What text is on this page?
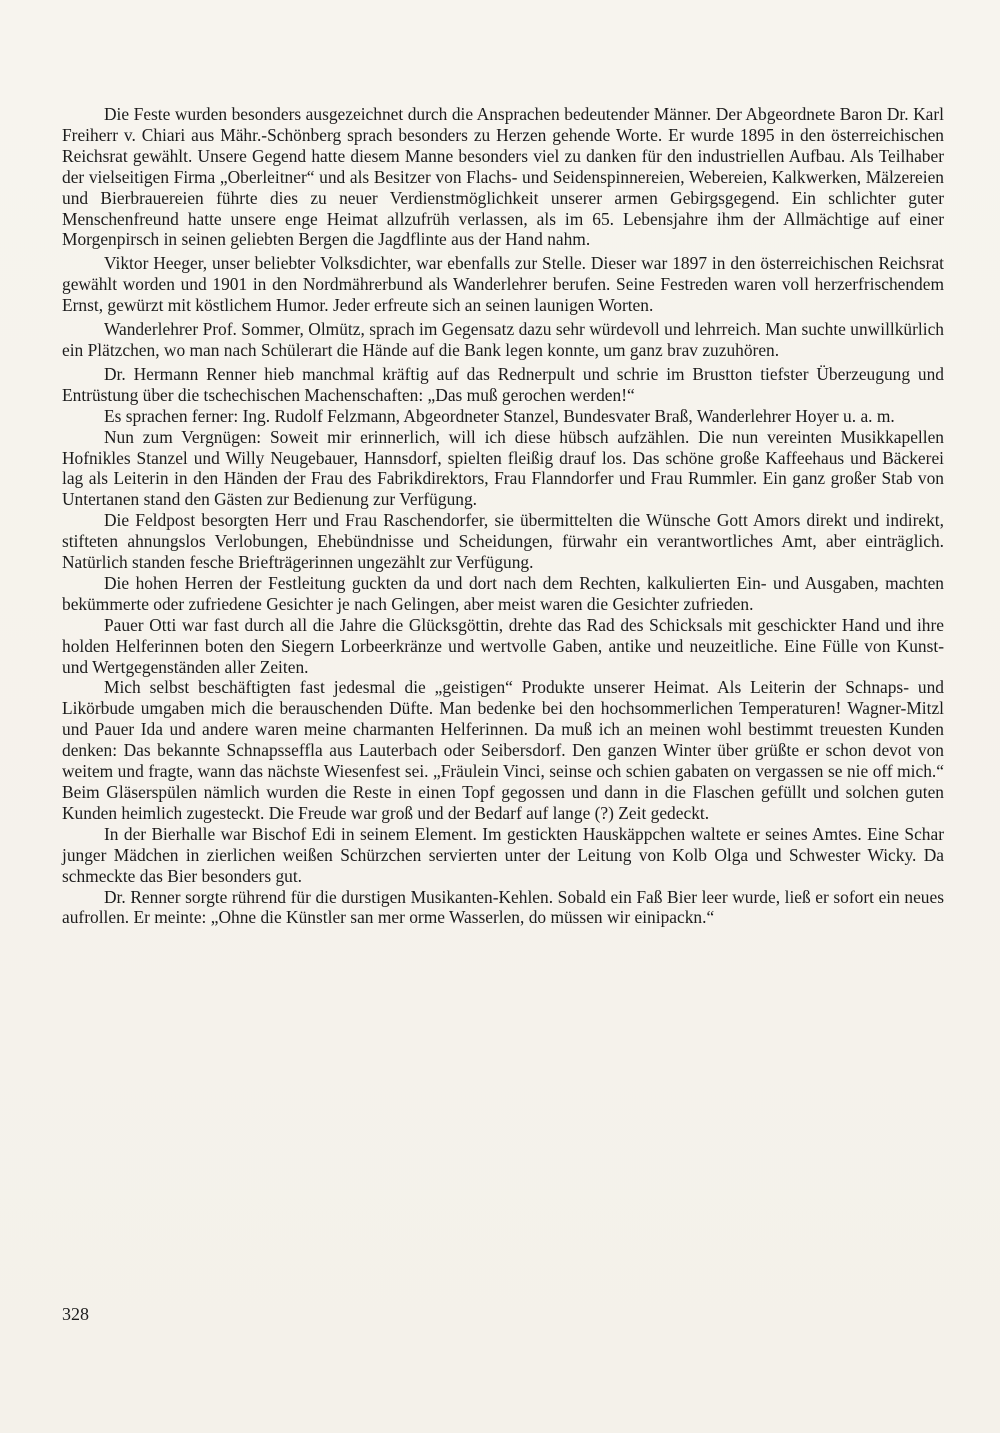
Die Feste wurden besonders ausgezeichnet durch die Ansprachen bedeutender Männer. Der Abgeordnete Baron Dr. Karl Freiherr v. Chiari aus Mähr.-Schönberg sprach besonders zu Herzen gehende Worte. Er wurde 1895 in den österreichischen Reichsrat gewählt. Unsere Gegend hatte diesem Manne besonders viel zu danken für den industriellen Aufbau. Als Teilhaber der vielseitigen Firma „Oberleitner“ und als Besitzer von Flachs- und Seidenspinnereien, Webereien, Kalkwerken, Mälzereien und Bierbrauereien führte dies zu neuer Verdienstmöglichkeit unserer armen Gebirgsgegend. Ein schlichter guter Menschenfreund hatte unsere enge Heimat allzufrüh verlassen, als im 65. Lebensjahre ihm der Allmächtige auf einer Morgenpirsch in seinen geliebten Bergen die Jagdflinte aus der Hand nahm.

Viktor Heeger, unser beliebter Volksdichter, war ebenfalls zur Stelle. Dieser war 1897 in den österreichischen Reichsrat gewählt worden und 1901 in den Nordmährerbund als Wanderlehrer berufen. Seine Festreden waren voll herzerfrischendem Ernst, gewürzt mit köstlichem Humor. Jeder erfreute sich an seinen launigen Worten.

Wanderlehrer Prof. Sommer, Olmütz, sprach im Gegensatz dazu sehr würdevoll und lehrreich. Man suchte unwillkürlich ein Plätzchen, wo man nach Schülerart die Hände auf die Bank legen konnte, um ganz brav zuzuhören.

Dr. Hermann Renner hieb manchmal kräftig auf das Rednerpult und schrie im Brustton tiefster Überzeugung und Entrüstung über die tschechischen Machenschaften: „Das muß gerochen werden!“

Es sprachen ferner: Ing. Rudolf Felzmann, Abgeordneter Stanzel, Bundesvater Braß, Wanderlehrer Hoyer u. a. m.

Nun zum Vergnügen: Soweit mir erinnerlich, will ich diese hübsch aufzählen. Die nun vereinten Musikkapellen Hofnikles Stanzel und Willy Neugebauer, Hannsdorf, spielten fleißig drauf los. Das schöne große Kaffeehaus und Bäckerei lag als Leiterin in den Händen der Frau des Fabrikdirektors, Frau Flanndorfer und Frau Rummler. Ein ganz großer Stab von Untertanen stand den Gästen zur Bedienung zur Verfügung.

Die Feldpost besorgten Herr und Frau Raschendorfer, sie übermittelten die Wünsche Gott Amors direkt und indirekt, stifteten ahnungslos Verlobungen, Ehebündnisse und Scheidungen, fürwahr ein verantwortliches Amt, aber einträglich. Natürlich standen fesche Briefträgerinnen ungezählt zur Verfügung.

Die hohen Herren der Festleitung guckten da und dort nach dem Rechten, kalkulierten Ein- und Ausgaben, machten bekümmerte oder zufriedene Gesichter je nach Gelingen, aber meist waren die Gesichter zufrieden.

Pauer Otti war fast durch all die Jahre die Glücksgöttin, drehte das Rad des Schicksals mit geschickter Hand und ihre holden Helferinnen boten den Siegern Lorbeerkränze und wertvolle Gaben, antike und neuzeitliche. Eine Fülle von Kunst- und Wertgegenständen aller Zeiten.

Mich selbst beschäftigten fast jedesmal die „geistigen“ Produkte unserer Heimat. Als Leiterin der Schnaps- und Likörbude umgaben mich die berauschenden Düfte. Man bedenke bei den hochsommerlichen Temperaturen! Wagner-Mitzl und Pauer Ida und andere waren meine charmanten Helferinnen. Da muß ich an meinen wohl bestimmt treuesten Kunden denken: Das bekannte Schnapsseffla aus Lauterbach oder Seibersdorf. Den ganzen Winter über grüßte er schon devot von weitem und fragte, wann das nächste Wiesenfest sei. „Fräulein Vinci, seinse och schien gabaten on vergassen se nie off mich.“ Beim Gläserspülen nämlich wurden die Reste in einen Topf gegossen und dann in die Flaschen gefüllt und solchen guten Kunden heimlich zugesteckt. Die Freude war groß und der Bedarf auf lange (?) Zeit gedeckt.

In der Bierhalle war Bischof Edi in seinem Element. Im gestickten Hauskäppchen waltete er seines Amtes. Eine Schar junger Mädchen in zierlichen weißen Schürzchen servierten unter der Leitung von Kolb Olga und Schwester Wicky. Da schmeckte das Bier besonders gut.

Dr. Renner sorgte rührend für die durstigen Musikanten-Kehlen. Sobald ein Faß Bier leer wurde, ließ er sofort ein neues aufrollen. Er meinte: „Ohne die Künstler san mer orme Wasserlen, do müssen wir einipackn.“

328
